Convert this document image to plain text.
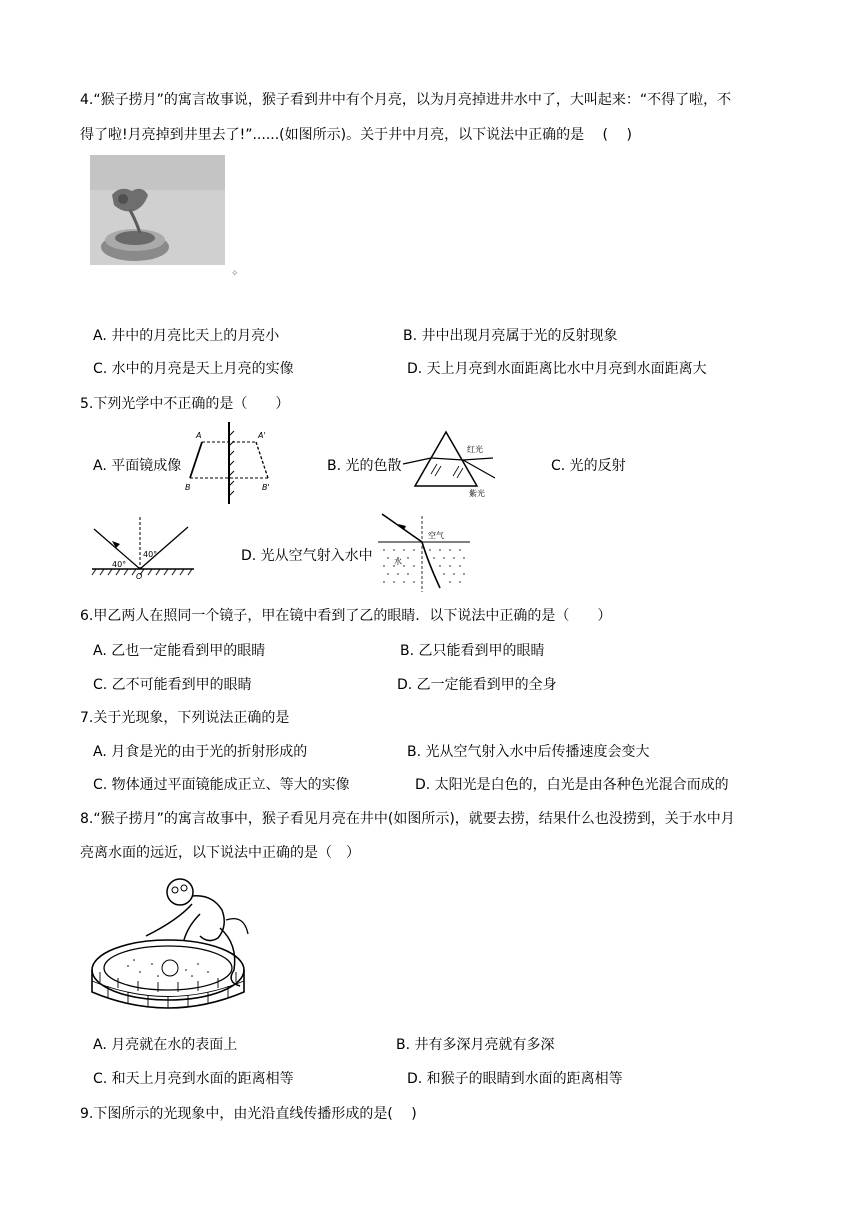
4.“猴子捞月”的寓言故事说，猴子看到井中有个月亮，以为月亮掉进井水中了，大叫起来：“不得了啦，不
得了啦!月亮掉到井里去了!”......(如图所示)。关于井中月亮，以下说法中正确的是　 (　 )
✧
A. 井中的月亮比天上的月亮小	B. 井中出现月亮属于光的反射现象
C. 水中的月亮是天上月亮的实像	D. 天上月亮到水面距离比水中月亮到水面距离大
5.下列光学中不正确的是（　　）
A. 平面镜成像
A	A'
B	B'
B. 光的色散
红光
紫光
C. 光的反射
40°
40°
O
D. 光从空气射入水中
空气
水
6.甲乙两人在照同一个镜子，甲在镜中看到了乙的眼睛．以下说法中正确的是（　　）
A. 乙也一定能看到甲的眼睛	B. 乙只能看到甲的眼睛
C. 乙不可能看到甲的眼睛	D. 乙一定能看到甲的全身
7.关于光现象，下列说法正确的是
A. 月食是光的由于光的折射形成的	B. 光从空气射入水中后传播速度会变大
C. 物体通过平面镜能成正立、等大的实像	D. 太阳光是白色的，白光是由各种色光混合而成的
8.“猴子捞月”的寓言故事中，猴子看见月亮在井中(如图所示)，就要去捞，结果什么也没捞到，关于水中月
亮离水面的远近，以下说法中正确的是（　）
A. 月亮就在水的表面上	B. 井有多深月亮就有多深
C. 和天上月亮到水面的距离相等	D. 和猴子的眼睛到水面的距离相等
9.下图所示的光现象中，由光沿直线传播形成的是(　 )
